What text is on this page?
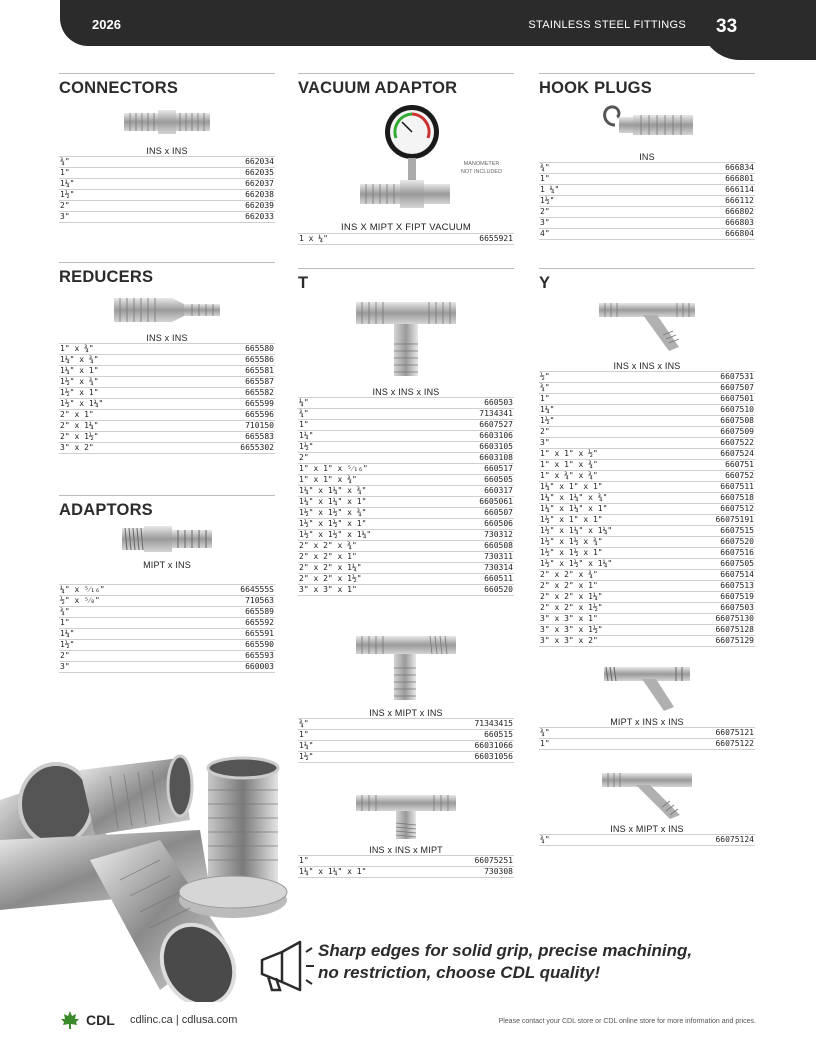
2026	STAINLESS STEEL FITTINGS 33
CONNECTORS
INS x INS
¾"	662034
1"	662035
1¼"	662037
1½"	662038
2"	662039
3"	662033
REDUCERS
INS x INS
1" x ¾"	665580
1¼" x ¾"	665586
1¼" x 1"	665581
1½" x ¾"	665587
1½" x 1"	665582
1½" x 1¼"	665599
2" x 1"	665596
2" x 1¼"	710150
2" x 1½"	665583
3" x 2"	6655302
ADAPTORS
MIPT x INS
¼" x ⁵⁄₁₆"	664555S
½" x ⁵⁄₈"	710563
¾"	665589
1"	665592
1¼"	665591
1½"	665590
2"	665593
3"	660003
VACUUM ADAPTOR
MANOMETER NOT INCLUDED
INS X MIPT X FIPT VACUUM
1 x ¼"	6655921
T
INS x INS x INS
¼"	660503
¾"	7134341
1"	6607527
1¼"	6603106
1½"	6603105
2"	6603108
1" x 1" x ⁵⁄₁₆"	660517
1" x 1" x ¾"	660505
1¼" x 1¼" x ¾"	660317
1¼" x 1¼" x 1"	6605061
1½" x 1½" x ¾"	660507
1½" x 1½" x 1"	660506
1½" x 1½" x 1¼"	730312
2" x 2" x ¾"	660508
2" x 2" x 1"	730311
2" x 2" x 1¼"	730314
2" x 2" x 1½"	660511
3" x 3" x 1"	660520
INS x MIPT x INS
¾"	71343415
1"	660515
1¼"	66031066
1½"	66031056
INS x INS x MIPT
1"	66075251
1¼" x 1¼" x 1"	730308
HOOK PLUGS
INS
¾"	666834
1"	666801
1 ¼"	666114
1½"	666112
2"	666802
3"	666803
4"	666804
Y
INS x INS x INS
½"	6607531
¾"	6607507
1"	6607501
1¼"	6607510
1½"	6607508
2"	6607509
3"	6607522
1" x 1" x ½"	6607524
1" x 1" x ¾"	660751
1" x ¾" x ¾"	660752
1¼" x 1" x 1"	6607511
1¼" x 1¼" x ¾"	6607518
1¼" x 1¼" x 1"	6607512
1½" x 1" x 1"	66075191
1½" x 1¼" x 1¼"	6607515
1½" x 1½ x ¾"	6607520
1½" x 1½ x 1"	6607516
1½" x 1½" x 1¼"	6607505
2" x 2" x ¾"	6607514
2" x 2" x 1"	6607513
2" x 2" x 1¼"	6607519
2" x 2" x 1½"	6607503
3" x 3" x 1"	66075130
3" x 3" x 1½"	66075128
3" x 3" x 2"	66075129
MIPT x INS x INS
¾"	66075121
1"	66075122
INS x MIPT x INS
¾"	66075124
Sharp edges for solid grip, precise machining,
no restriction, choose CDL quality!
CDL cdlinc.ca | cdlusa.com	Please contact your CDL store or CDL online store for more information and prices.
